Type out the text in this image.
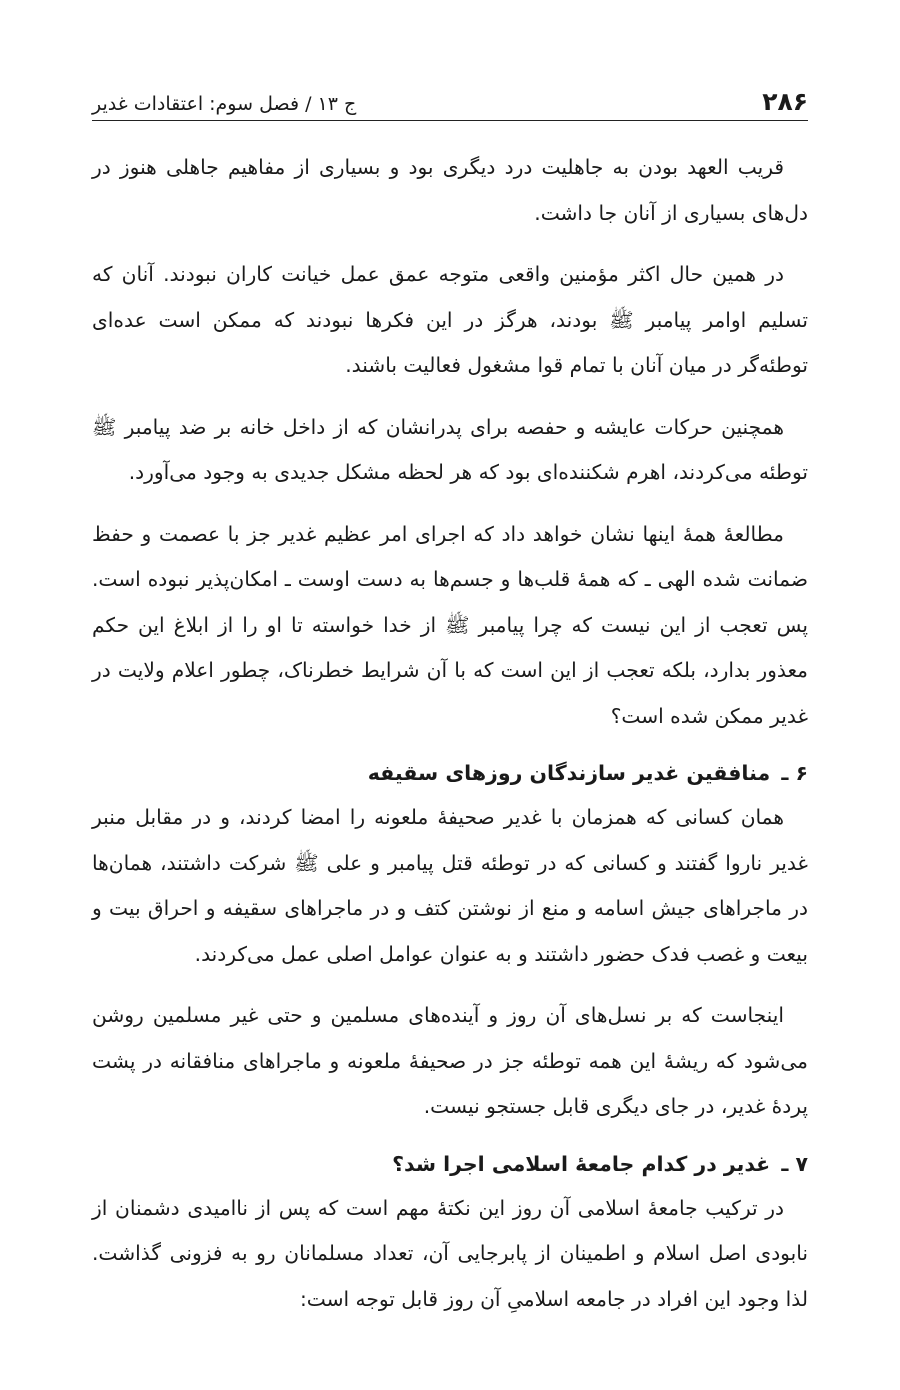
۲۸۶
ج ۱۳ / فصل سوم: اعتقادات غدیر

قریب العهد بودن به جاهلیت درد دیگری بود و بسیاری از مفاهیم جاهلی هنوز در دل‌های بسیاری از آنان جا داشت.

در همین حال اکثر مؤمنین واقعی متوجه عمق عمل خیانت کاران نبودند. آنان که تسلیم اوامر پیامبر ﷺ بودند، هرگز در این فکرها نبودند که ممکن است عده‌ای توطئه‌گر در میان آنان با تمام قوا مشغول فعالیت باشند.

همچنین حرکات عایشه و حفصه برای پدرانشان که از داخل خانه بر ضد پیامبر ﷺ توطئه می‌کردند، اهرم شکننده‌ای بود که هر لحظه مشکل جدیدی به وجود می‌آورد.

مطالعهٔ همهٔ اینها نشان خواهد داد که اجرای امر عظیم غدیر جز با عصمت و حفظ ضمانت شده الهی ـ که همهٔ قلب‌ها و جسم‌ها به دست اوست ـ امکان‌پذیر نبوده است. پس تعجب از این نیست که چرا پیامبر ﷺ از خدا خواسته تا او را از ابلاغ این حکم معذور بدارد، بلکه تعجب از این است که با آن شرایط خطرناک، چطور اعلام ولایت در غدیر ممکن شده است؟

۶ ـ منافقین غدیر سازندگان روزهای سقیفه

همان کسانی که همزمان با غدیر صحیفهٔ ملعونه را امضا کردند، و در مقابل منبر غدیر ناروا گفتند و کسانی که در توطئه قتل پیامبر و علی ﷺ شرکت داشتند، همان‌ها در ماجراهای جیش اسامه و منع از نوشتن کتف و در ماجراهای سقیفه و احراق بیت و بیعت و غصب فدک حضور داشتند و به عنوان عوامل اصلی عمل می‌کردند.

اینجاست که بر نسل‌های آن روز و آینده‌های مسلمین و حتی غیر مسلمین روشن می‌شود که ریشهٔ این همه توطئه جز در صحیفهٔ ملعونه و ماجراهای منافقانه در پشت پردهٔ غدیر، در جای دیگری قابل جستجو نیست.

۷ ـ غدیر در کدام جامعهٔ اسلامی اجرا شد؟

در ترکیب جامعهٔ اسلامی آن روز این نکتهٔ مهم است که پس از ناامیدی دشمنان از نابودی اصل اسلام و اطمینان از پابرجایی آن، تعداد مسلمانان رو به فزونی گذاشت. لذا وجود این افراد در جامعه اسلامیِ آن روز قابل توجه است:
